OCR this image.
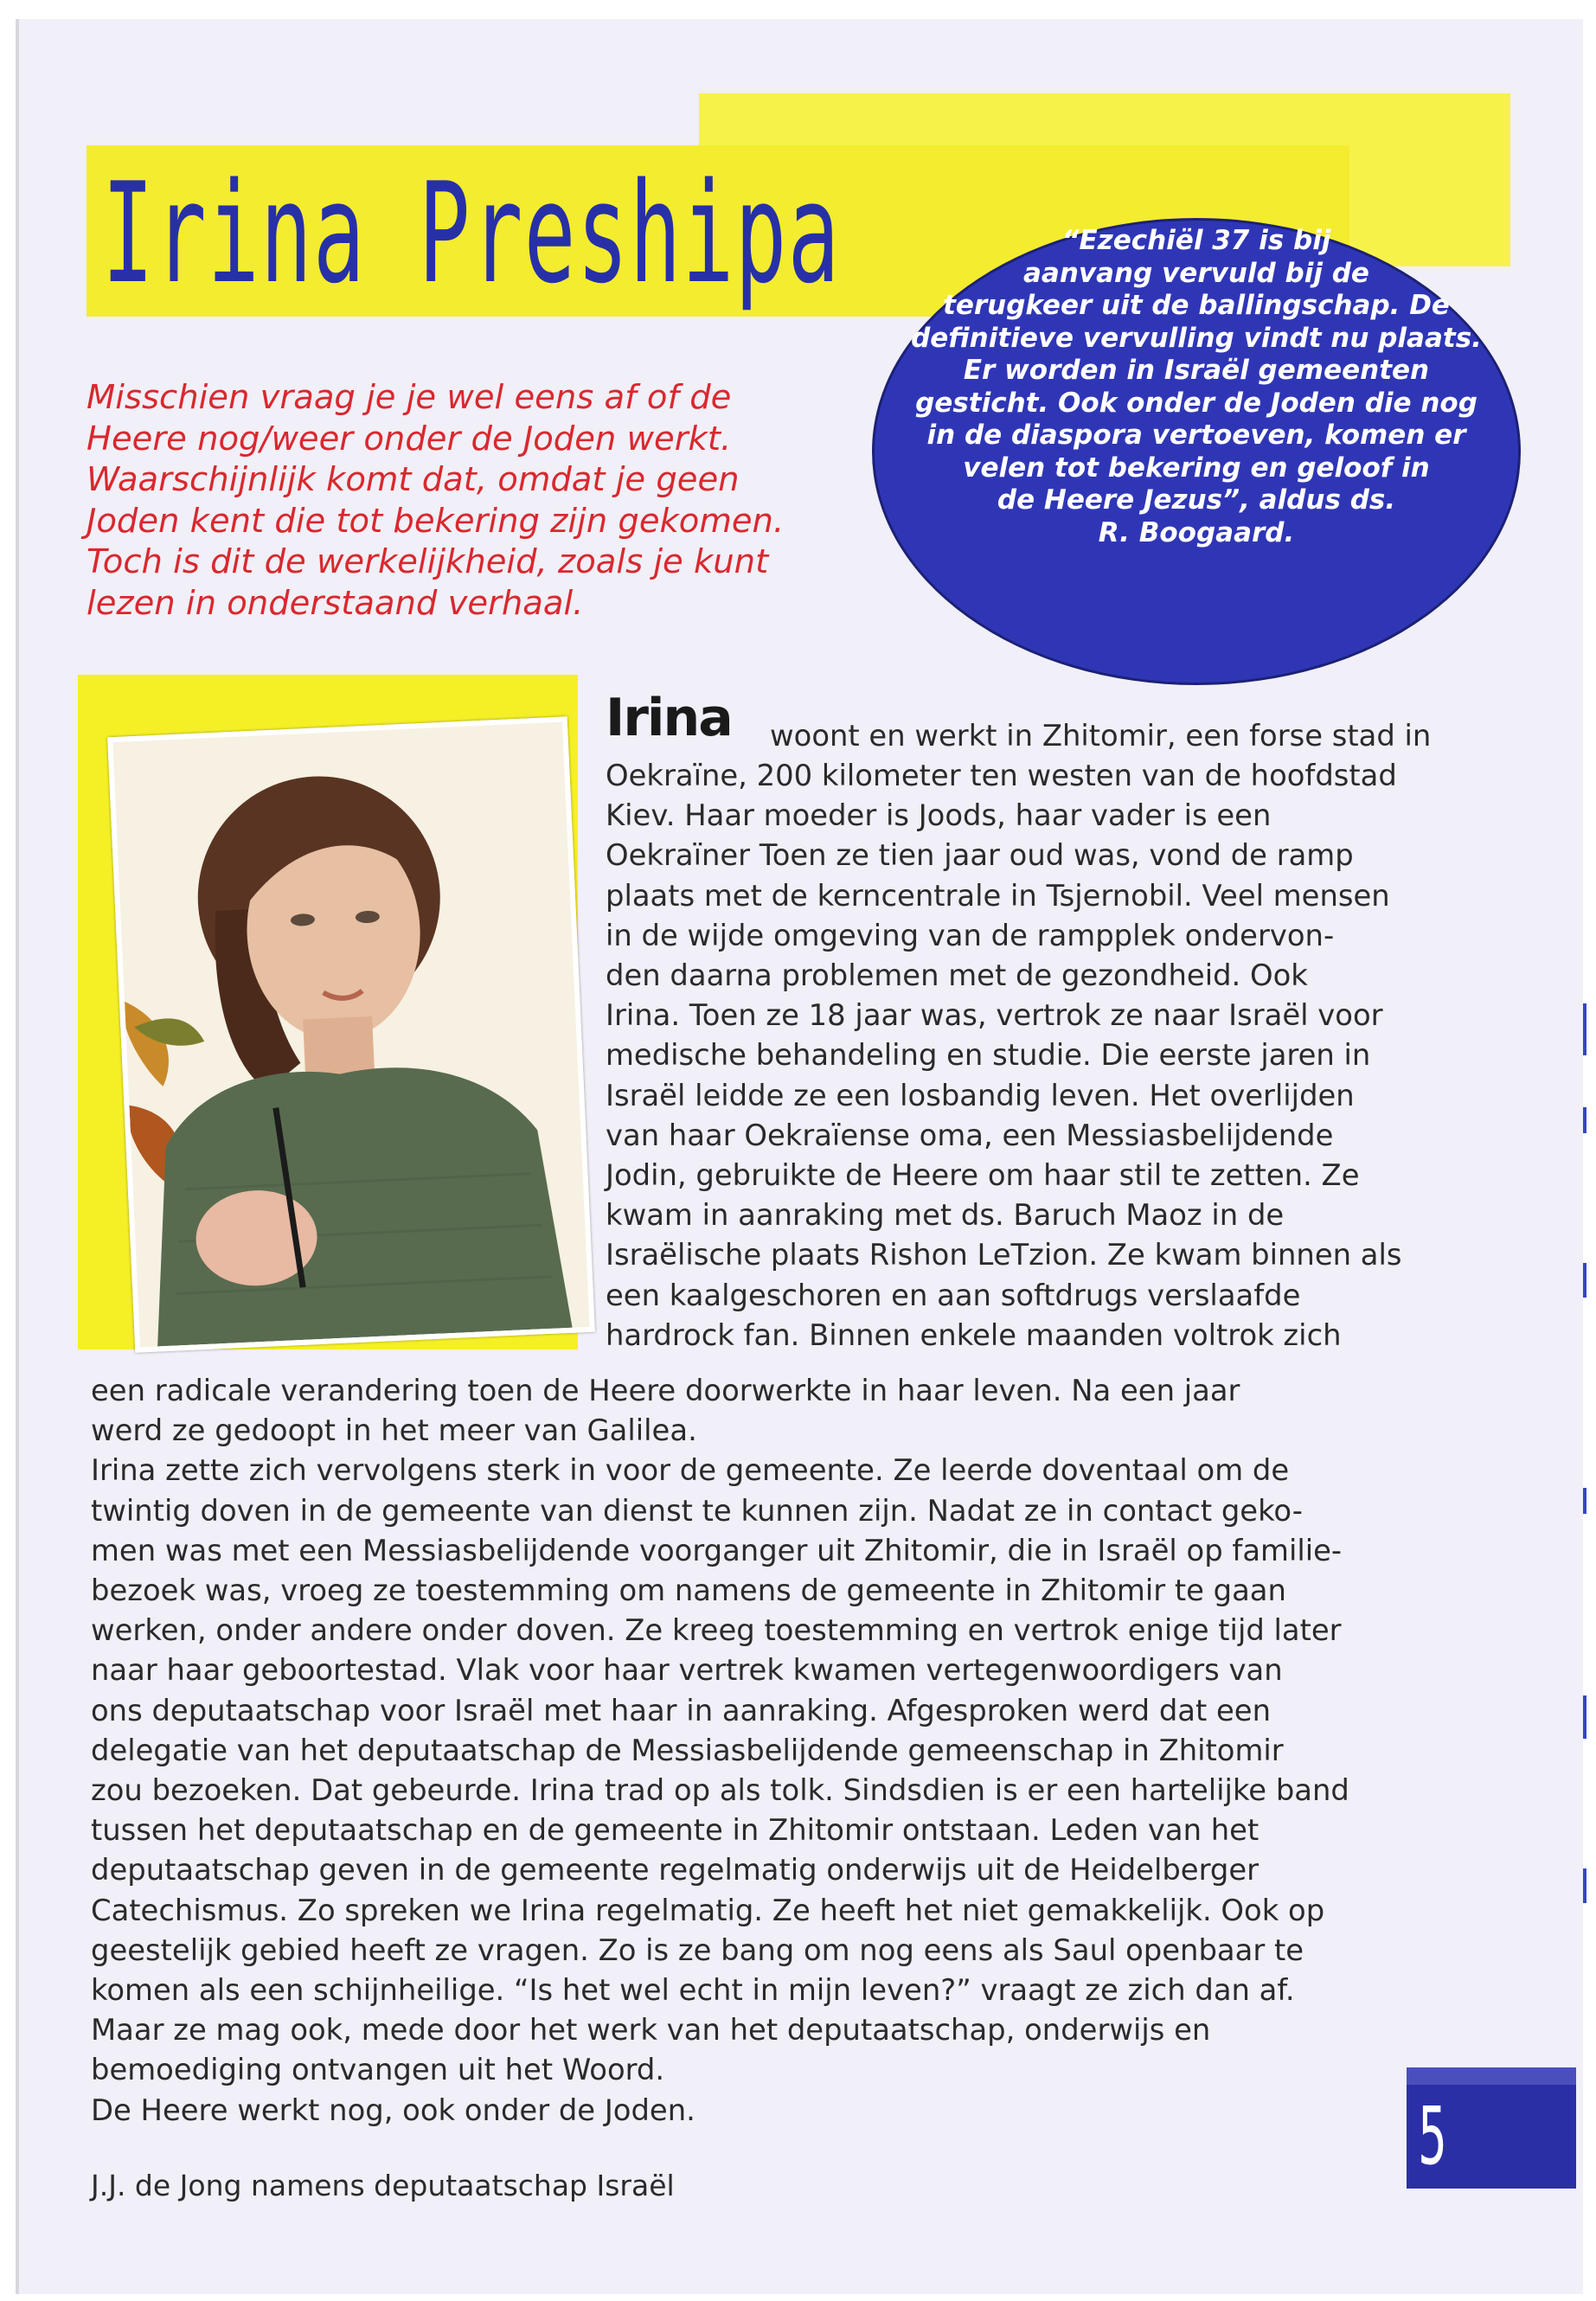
Irina Preshipa

Misschien vraag je je wel eens af of de
Heere nog/weer onder de Joden werkt.
Waarschijnlijk komt dat, omdat je geen
Joden kent die tot bekering zijn gekomen.
Toch is dit de werkelijkheid, zoals je kunt
lezen in onderstaand verhaal.

“Ezechiël 37 is bij
aanvang vervuld bij de
terugkeer uit de ballingschap. De
definitieve vervulling vindt nu plaats.
Er worden in Israël gemeenten
gesticht. Ook onder de Joden die nog
in de diaspora vertoeven, komen er
velen tot bekering en geloof in
de Heere Jezus”, aldus ds.
R. Boogaard.

Irina woont en werkt in Zhitomir, een forse stad in

Oekraïne, 200 kilometer ten westen van de hoofdstad
Kiev. Haar moeder is Joods, haar vader is een
Oekraïner Toen ze tien jaar oud was, vond de ramp
plaats met de kerncentrale in Tsjernobil. Veel mensen
in de wijde omgeving van de rampplek ondervon-
den daarna problemen met de gezondheid. Ook
Irina. Toen ze 18 jaar was, vertrok ze naar Israël voor
medische behandeling en studie. Die eerste jaren in
Israël leidde ze een losbandig leven. Het overlijden
van haar Oekraïense oma, een Messiasbelijdende
Jodin, gebruikte de Heere om haar stil te zetten. Ze
kwam in aanraking met ds. Baruch Maoz in de
Israëlische plaats Rishon LeTzion. Ze kwam binnen als
een kaalgeschoren en aan softdrugs verslaafde
hardrock fan. Binnen enkele maanden voltrok zich

een radicale verandering toen de Heere doorwerkte in haar leven. Na een jaar
werd ze gedoopt in het meer van Galilea.
Irina zette zich vervolgens sterk in voor de gemeente. Ze leerde doventaal om de
twintig doven in de gemeente van dienst te kunnen zijn. Nadat ze in contact geko-
men was met een Messiasbelijdende voorganger uit Zhitomir, die in Israël op familie-
bezoek was, vroeg ze toestemming om namens de gemeente in Zhitomir te gaan
werken, onder andere onder doven. Ze kreeg toestemming en vertrok enige tijd later
naar haar geboortestad. Vlak voor haar vertrek kwamen vertegenwoordigers van
ons deputaatschap voor Israël met haar in aanraking. Afgesproken werd dat een
delegatie van het deputaatschap de Messiasbelijdende gemeenschap in Zhitomir
zou bezoeken. Dat gebeurde. Irina trad op als tolk. Sindsdien is er een hartelijke band
tussen het deputaatschap en de gemeente in Zhitomir ontstaan. Leden van het
deputaatschap geven in de gemeente regelmatig onderwijs uit de Heidelberger
Catechismus. Zo spreken we Irina regelmatig. Ze heeft het niet gemakkelijk. Ook op
geestelijk gebied heeft ze vragen. Zo is ze bang om nog eens als Saul openbaar te
komen als een schijnheilige. “Is het wel echt in mijn leven?” vraagt ze zich dan af.
Maar ze mag ook, mede door het werk van het deputaatschap, onderwijs en
bemoediging ontvangen uit het Woord.
De Heere werkt nog, ook onder de Joden.

J.J. de Jong namens deputaatschap Israël

5
